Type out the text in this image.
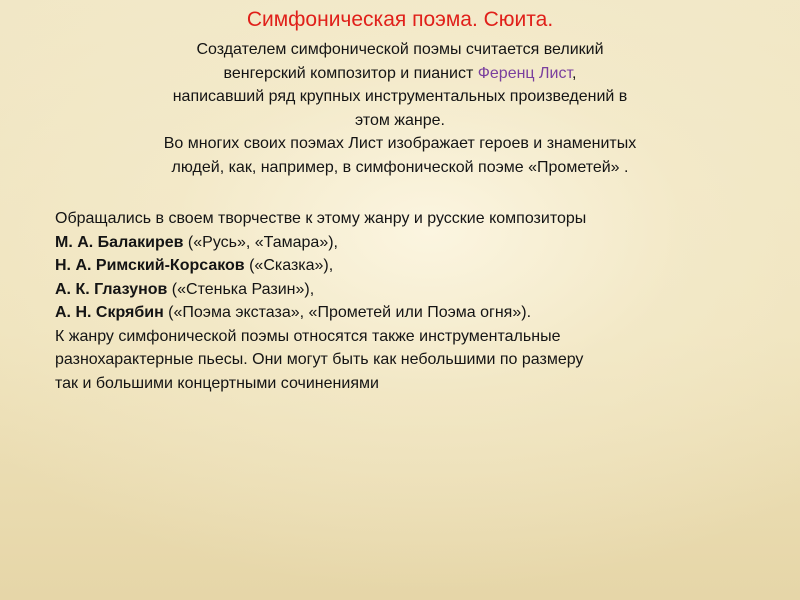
Симфоническая поэма. Сюита.
Создателем симфонической поэмы считается великий
венгерский композитор и пианист Ференц Лист,
написавший ряд крупных инструментальных произведений в
этом жанре.
Во многих своих поэмах Лист изображает героев и знаменитых
людей, как, например, в симфонической поэме «Прометей» .
Обращались в своем творчестве к этому жанру и русские композиторы
М. А. Балакирев («Русь», «Тамара»),
Н. А. Римский-Корсаков («Сказка»),
А. К. Глазунов («Стенька Разин»),
А. Н. Скрябин («Поэма экстаза», «Прометей или Поэма огня»).
К жанру симфонической поэмы относятся также инструментальные
разнохарактерные пьесы. Они могут быть как небольшими по размеру
так и большими концертными сочинениями
